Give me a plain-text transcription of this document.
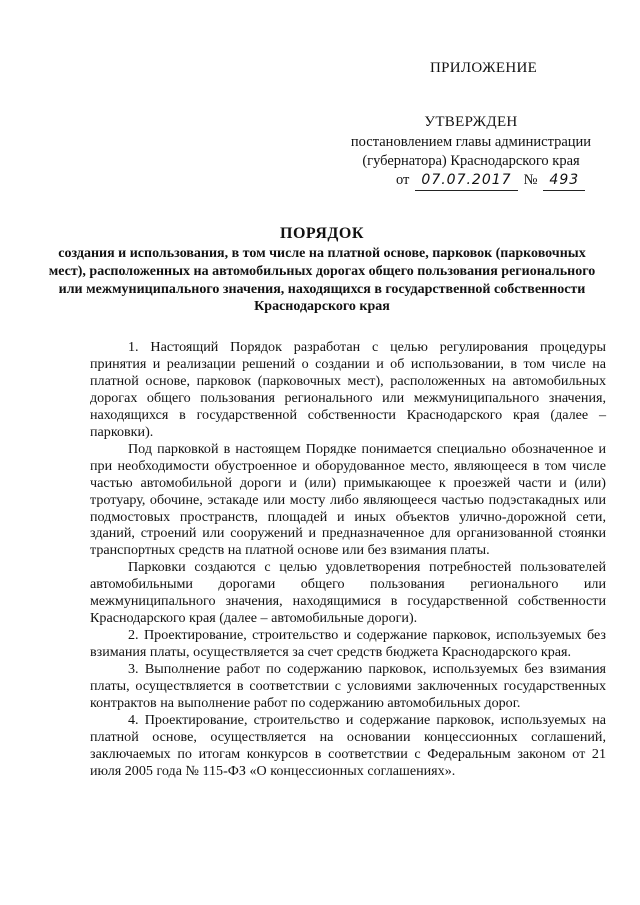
ПРИЛОЖЕНИЕ
УТВЕРЖДЕН
постановлением главы администрации
(губернатора) Краснодарского края
от 07.07.2017 № 493
ПОРЯДОК
создания и использования, в том числе на платной основе, парковок (парковочных мест), расположенных на автомобильных дорогах общего пользования регионального или межмуниципального значения, находящихся в государственной собственности Краснодарского края

1. Настоящий Порядок разработан с целью регулирования процедуры принятия и реализации решений о создании и об использовании, в том числе на платной основе, парковок (парковочных мест), расположенных на автомобильных дорогах общего пользования регионального или межмуниципального значения, находящихся в государственной собственности Краснодарского края (далее – парковки).

Под парковкой в настоящем Порядке понимается специально обозначенное и при необходимости обустроенное и оборудованное место, являющееся в том числе частью автомобильной дороги и (или) примыкающее к проезжей части и (или) тротуару, обочине, эстакаде или мосту либо являющееся частью подэстакадных или подмостовых пространств, площадей и иных объектов улично-дорожной сети, зданий, строений или сооружений и предназначенное для организованной стоянки транспортных средств на платной основе или без взимания платы.

Парковки создаются с целью удовлетворения потребностей пользователей автомобильными дорогами общего пользования регионального или межмуниципального значения, находящимися в государственной собственности Краснодарского края (далее – автомобильные дороги).

2. Проектирование, строительство и содержание парковок, используемых без взимания платы, осуществляется за счет средств бюджета Краснодарского края.

3. Выполнение работ по содержанию парковок, используемых без взимания платы, осуществляется в соответствии с условиями заключенных государственных контрактов на выполнение работ по содержанию автомобильных дорог.

4. Проектирование, строительство и содержание парковок, используемых на платной основе, осуществляется на основании концессионных соглашений, заключаемых по итогам конкурсов в соответствии с Федеральным законом от 21 июля 2005 года № 115-ФЗ «О концессионных соглашениях».
